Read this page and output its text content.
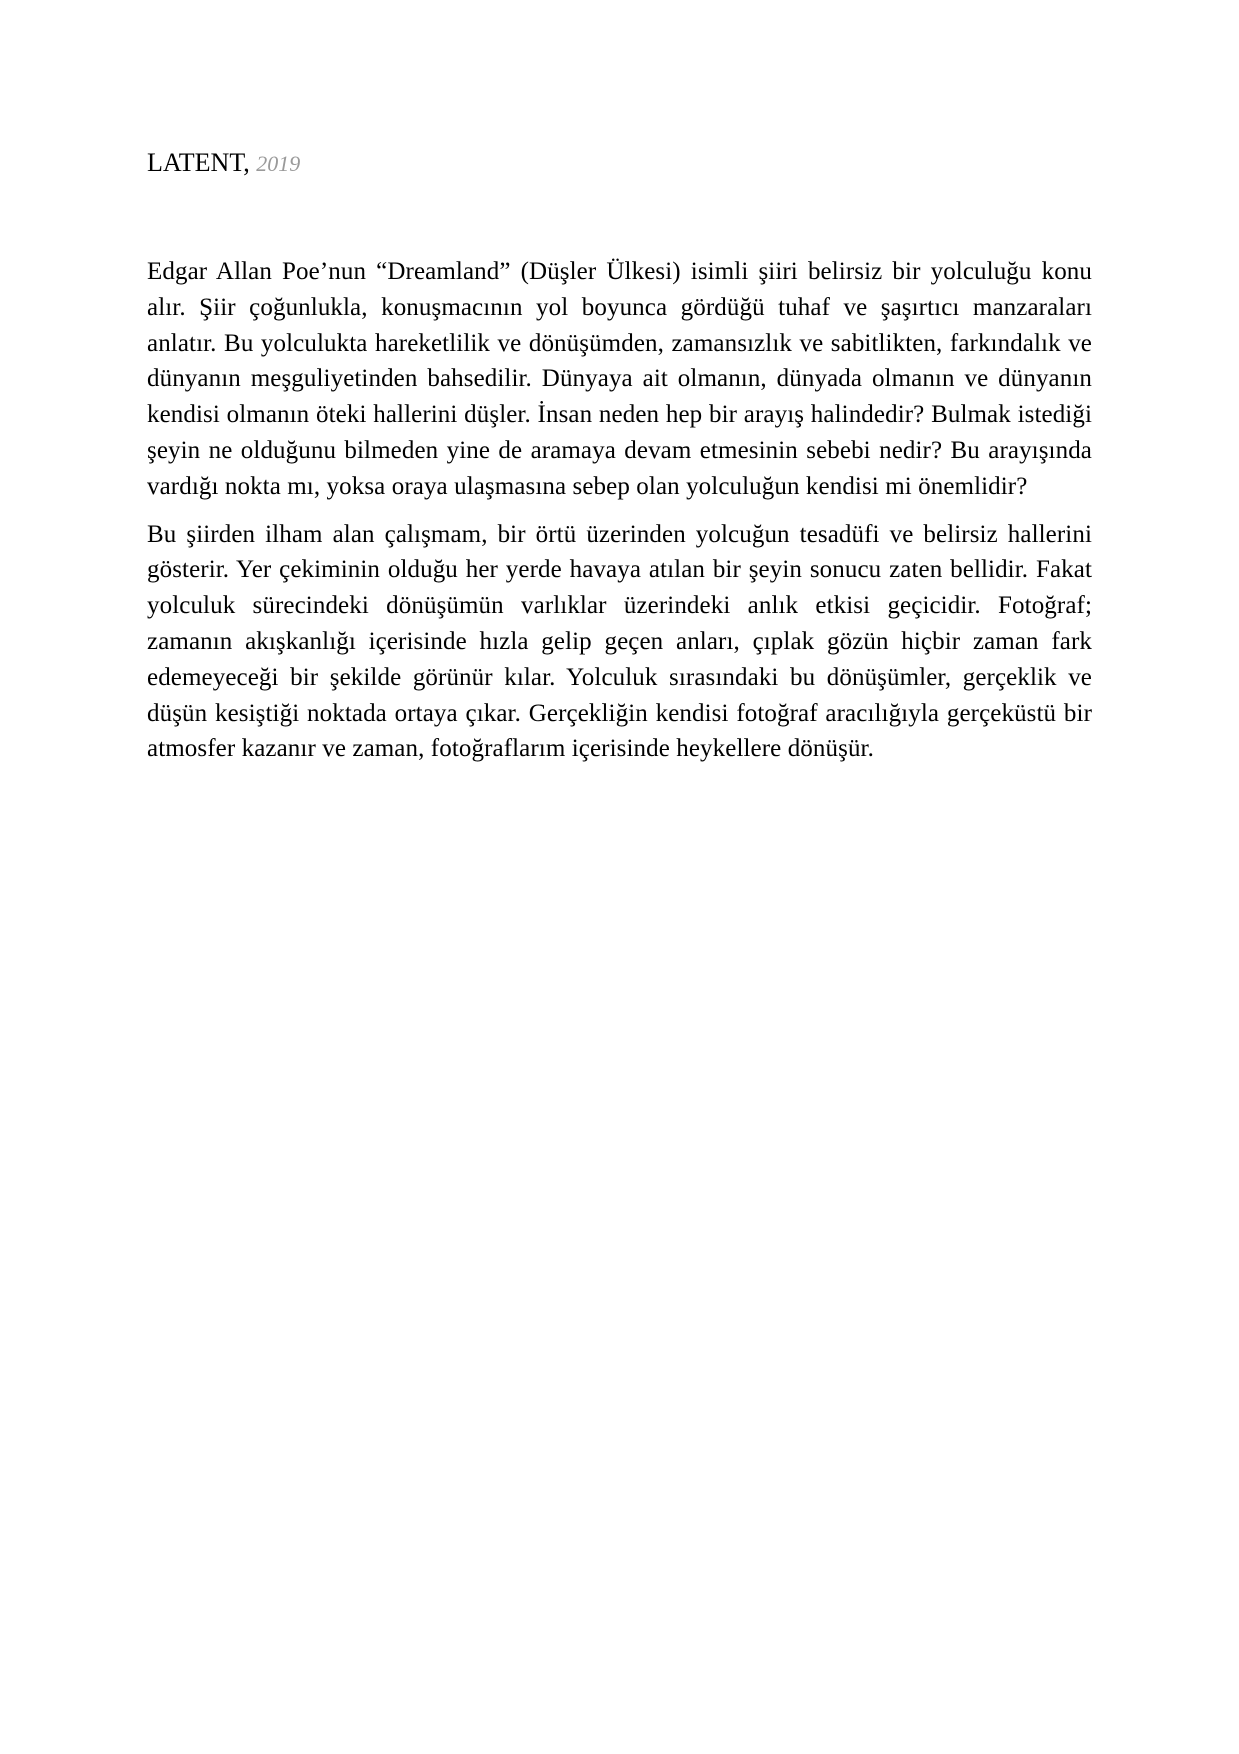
LATENT, 2019

Edgar Allan Poe’nun “Dreamland” (Düşler Ülkesi) isimli şiiri belirsiz bir yolculuğu konu alır. Şiir çoğunlukla, konuşmacının yol boyunca gördüğü tuhaf ve şaşırtıcı manzaraları anlatır. Bu yolculukta hareketlilik ve dönüşümden, zamansızlık ve sabitlikten, farkındalık ve dünyanın meşguliyetinden bahsedilir. Dünyaya ait olmanın, dünyada olmanın ve dünyanın kendisi olmanın öteki hallerini düşler. İnsan neden hep bir arayış halindedir? Bulmak istediği şeyin ne olduğunu bilmeden yine de aramaya devam etmesinin sebebi nedir? Bu arayışında vardığı nokta mı, yoksa oraya ulaşmasına sebep olan yolculuğun kendisi mi önemlidir?

Bu şiirden ilham alan çalışmam, bir örtü üzerinden yolcuğun tesadüfi ve belirsiz hallerini gösterir. Yer çekiminin olduğu her yerde havaya atılan bir şeyin sonucu zaten bellidir. Fakat yolculuk sürecindeki dönüşümün varlıklar üzerindeki anlık etkisi geçicidir. Fotoğraf; zamanın akışkanlığı içerisinde hızla gelip geçen anları, çıplak gözün hiçbir zaman fark edemeyeceği bir şekilde görünür kılar. Yolculuk sırasındaki bu dönüşümler, gerçeklik ve düşün kesiştiği noktada ortaya çıkar. Gerçekliğin kendisi fotoğraf aracılığıyla gerçeküstü bir atmosfer kazanır ve zaman, fotoğraflarım içerisinde heykellere dönüşür.
